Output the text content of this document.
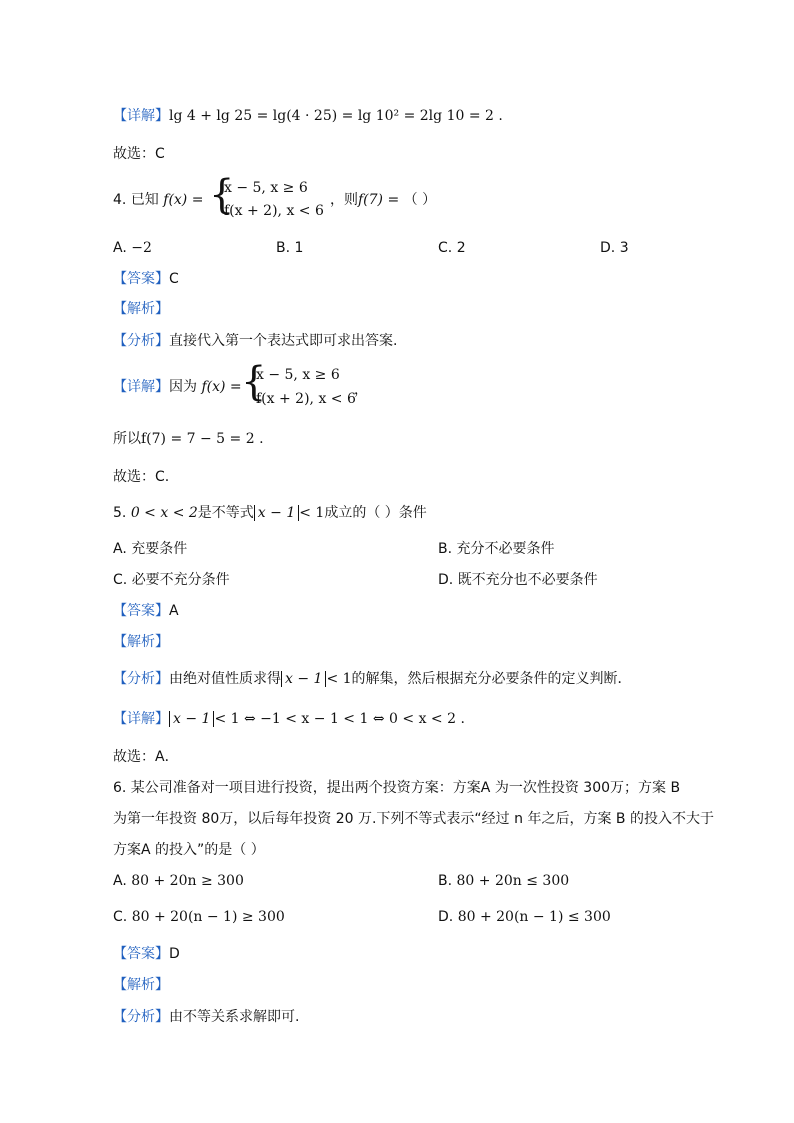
【详解】lg 4 + lg 25 = lg(4 · 25) = lg 10² = 2lg 10 = 2 .
故选：C
4. 已知 f(x) = {
x − 5, x ≥ 6
f(x + 2), x < 6
，则f(7) = （ ）
A. −2	B. 1	C. 2	D. 3
【答案】C
【解析】
【分析】直接代入第一个表达式即可求出答案.
【详解】因为 f(x) = {
x − 5, x ≥ 6
f(x + 2), x < 6
，
所以f(7) = 7 − 5 = 2 .
故选：C.
5. 0 < x < 2是不等式 x − 1 < 1成立的（ ）条件
A. 充要条件	B. 充分不必要条件
C. 必要不充分条件	D. 既不充分也不必要条件
【答案】A
【解析】
【分析】由绝对值性质求得 x − 1 < 1的解集，然后根据充分必要条件的定义判断．
【详解】 x − 1 < 1 ⇔ −1 < x − 1 < 1 ⇔ 0 < x < 2 .
故选：A．
6. 某公司准备对一项目进行投资，提出两个投资方案：方案A 为一次性投资 300万；方案 B
为第一年投资 80万，以后每年投资 20 万.下列不等式表示“经过 n 年之后，方案 B 的投入不大于
方案A 的投入”的是（ ）
A. 80 + 20n ≥ 300	B. 80 + 20n ≤ 300
C. 80 + 20(n − 1) ≥ 300	D. 80 + 20(n − 1) ≤ 300
【答案】D
【解析】
【分析】由不等关系求解即可.
